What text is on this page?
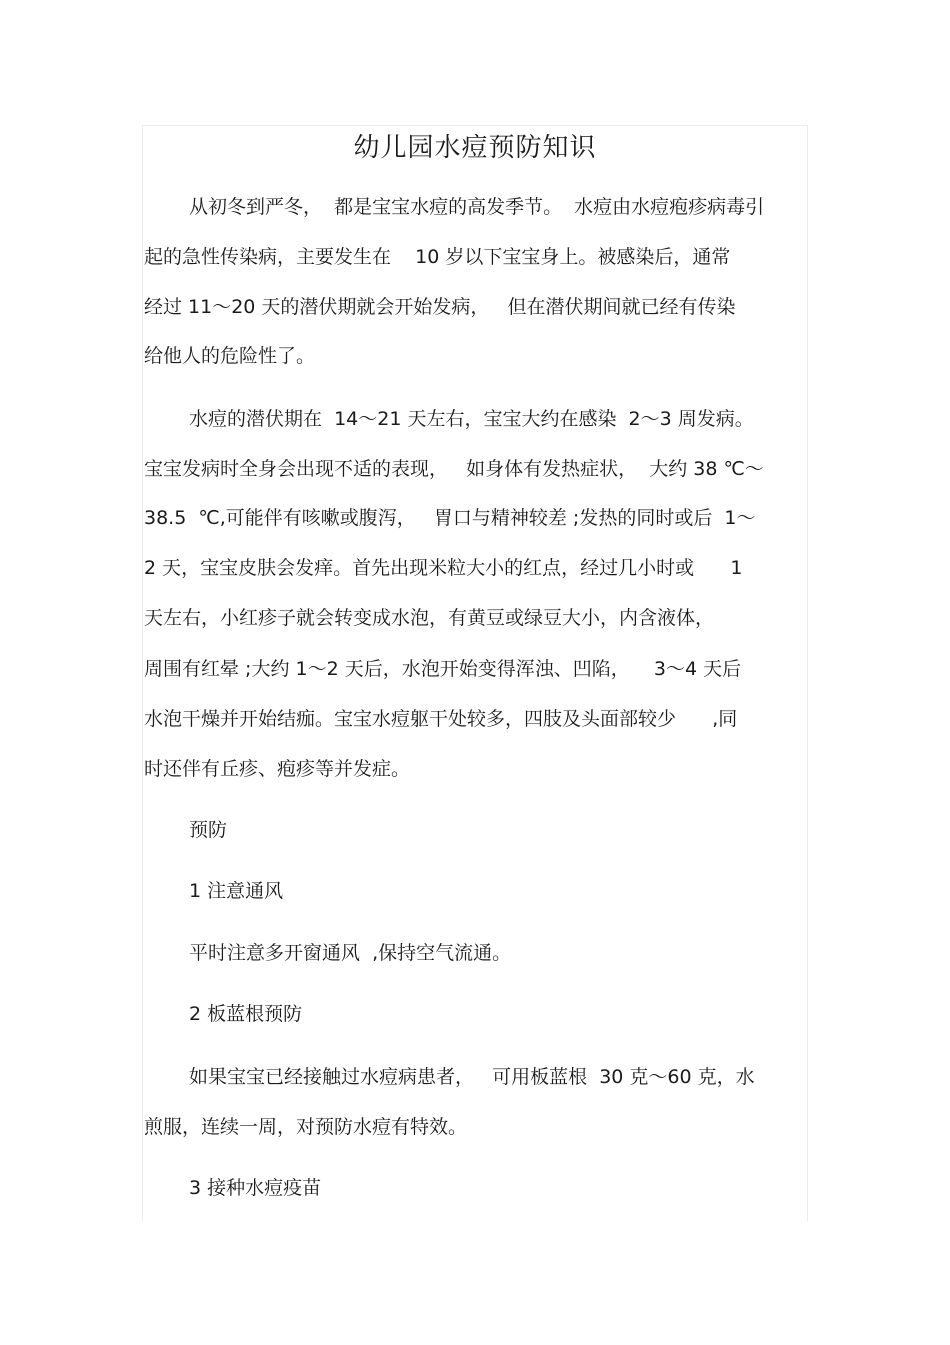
幼儿园水痘预防知识
从初冬到严冬，  都是宝宝水痘的高发季节。  水痘由水痘疱疹病毒引
起的急性传染病，主要发生在    10 岁以下宝宝身上。被感染后，通常
经过 11～20 天的潜伏期就会开始发病，   但在潜伏期间就已经有传染
给他人的危险性了。
水痘的潜伏期在  14～21 天左右，宝宝大约在感染  2～3 周发病。
宝宝发病时全身会出现不适的表现，   如身体有发热症状，  大约 38 ℃～
38.5  ℃,可能伴有咳嗽或腹泻，   胃口与精神较差 ;发热的同时或后  1～
2 天，宝宝皮肤会发痒。首先出现米粒大小的红点，经过几小时或      1
天左右，小红疹子就会转变成水泡，有黄豆或绿豆大小，内含液体，
周围有红晕 ;大约 1～2 天后，水泡开始变得浑浊、凹陷，    3～4 天后
水泡干燥并开始结痂。宝宝水痘躯干处较多，四肢及头面部较少      ,同
时还伴有丘疹、疱疹等并发症。
预防
1 注意通风
平时注意多开窗通风  ,保持空气流通。
2 板蓝根预防
如果宝宝已经接触过水痘病患者，   可用板蓝根  30 克～60 克，水
煎服，连续一周，对预防水痘有特效。
3 接种水痘疫苗
